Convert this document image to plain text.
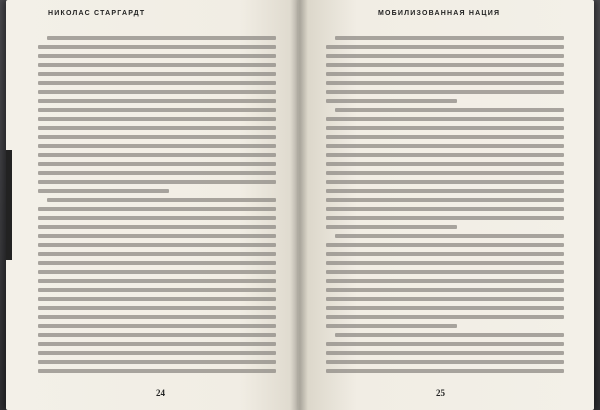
НИКОЛАС СТАРГАРДТ
24
МОБИЛИЗОВАННАЯ НАЦИЯ
25
